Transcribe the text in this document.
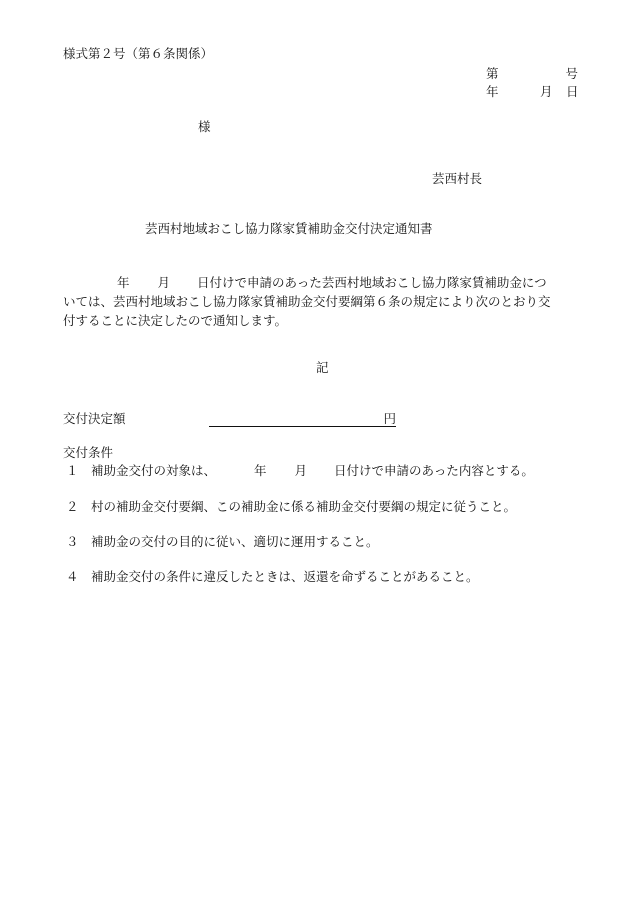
様式第２号（第６条関係）
第	号
年	月 日
様
芸西村長
芸西村地域おこし協力隊家賃補助金交付決定通知書
年 月 日付けで申請のあった芸西村地域おこし協力隊家賃補助金につ
いては、芸西村地域おこし協力隊家賃補助金交付要綱第６条の規定により次のとおり交
付することに決定したので通知します。
記
交付決定額	円
交付条件
１ 補助金交付の対象は、	年 月 日付けで申請のあった内容とする。
２ 村の補助金交付要綱、この補助金に係る補助金交付要綱の規定に従うこと。
３ 補助金の交付の目的に従い、適切に運用すること。
４ 補助金交付の条件に違反したときは、返還を命ずることがあること。
